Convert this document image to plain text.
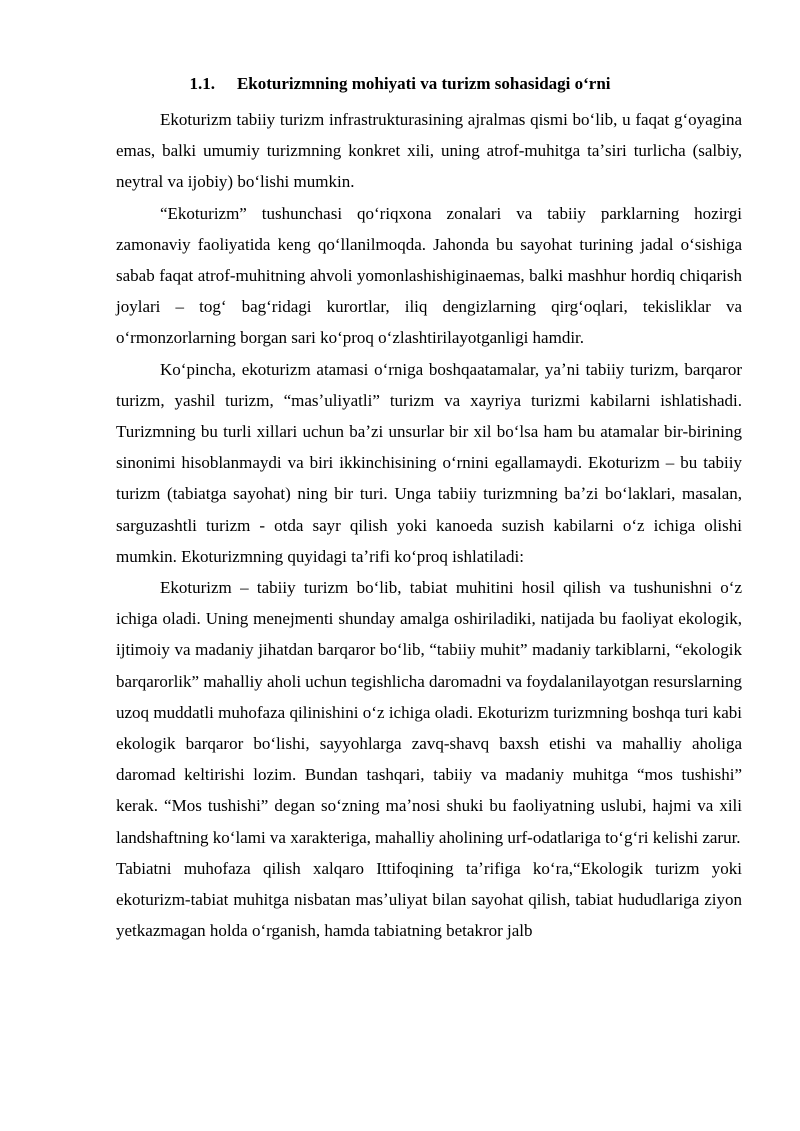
1.1. Ekoturizmning mohiyati va turizm sohasidagi oʻrni

Ekoturizm tabiiy turizm infrastrukturasining ajralmas qismi boʻlib, u faqat gʻoyagina emas, balki umumiy turizmning konkret xili, uning atrof-muhitga taʼsiri turlicha (salbiy, neytral va ijobiy) boʻlishi mumkin.

“Ekoturizm” tushunchasi qoʻriqxona zonalari va tabiiy parklarning hozirgi zamonaviy faoliyatida keng qoʻllanilmoqda. Jahonda bu sayohat turining jadal oʻsishiga sabab faqat atrof-muhitning ahvoli yomonlashishiginaemas, balki mashhur hordiq chiqarish joylari – togʻ bagʻridagi kurortlar, iliq dengizlarning qirgʻoqlari, tekisliklar va oʻrmonzorlarning borgan sari koʻproq oʻzlashtirilayotganligi hamdir.

Koʻpincha, ekoturizm atamasi oʻrniga boshqaatamalar, yaʼni tabiiy turizm, barqaror turizm, yashil turizm, “masʼuliyatli” turizm va xayriya turizmi kabilarni ishlatishadi. Turizmning bu turli xillari uchun baʼzi unsurlar bir xil boʻlsa ham bu atamalar bir-birining sinonimi hisoblanmaydi va biri ikkinchisining oʻrnini egallamaydi. Ekoturizm – bu tabiiy turizm (tabiatga sayohat) ning bir turi. Unga tabiiy turizmning baʼzi boʻlaklari, masalan, sarguzashtli turizm - otda sayr qilish yoki kanoeda suzish kabilarni oʻz ichiga olishi mumkin. Ekoturizmning quyidagi taʼrifi koʻproq ishlatiladi:

Ekoturizm – tabiiy turizm boʻlib, tabiat muhitini hosil qilish va tushunishni oʻz ichiga oladi. Uning menejmenti shunday amalga oshiriladiki, natijada bu faoliyat ekologik, ijtimoiy va madaniy jihatdan barqaror boʻlib, “tabiiy muhit” madaniy tarkiblarni, “ekologik barqarorlik” mahalliy aholi uchun tegishlicha daromadni va foydalanilayotgan resurslarning uzoq muddatli muhofaza qilinishini oʻz ichiga oladi. Ekoturizm turizmning boshqa turi kabi ekologik barqaror boʻlishi, sayyohlarga zavq-shavq baxsh etishi va mahalliy aholiga daromad keltirishi lozim. Bundan tashqari, tabiiy va madaniy muhitga “mos tushishi” kerak. “Mos tushishi” degan soʻzning maʼnosi shuki bu faoliyatning uslubi, hajmi va xili landshaftning koʻlami va xarakteriga, mahalliy aholining urf-odatlariga toʻgʻri kelishi zarur.

Tabiatni muhofaza qilish xalqaro Ittifoqining taʼrifiga koʻra,“Ekologik turizm yoki ekoturizm-tabiat muhitga nisbatan masʼuliyat bilan sayohat qilish, tabiat hududlariga ziyon yetkazmagan holda oʻrganish, hamda tabiatning betakror jalb
